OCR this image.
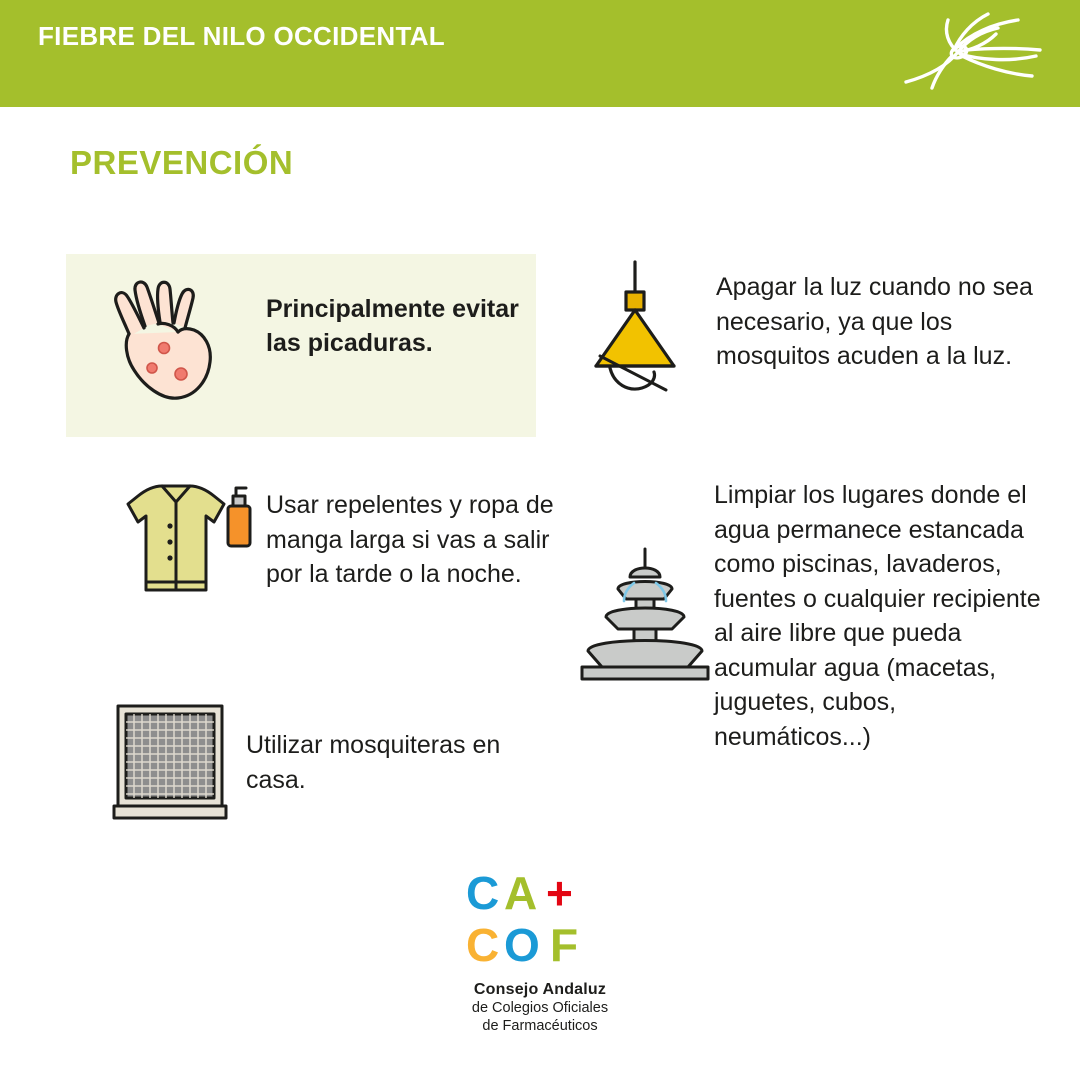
FIEBRE DEL NILO OCCIDENTAL
PREVENCIÓN
Principalmente evitar las picaduras.
Apagar la luz cuando no sea necesario, ya que los mosquitos acuden a la luz.
Usar repelentes y ropa de manga larga si vas a salir por la tarde o la noche.
Limpiar los lugares donde el agua permanece estancada como piscinas, lavaderos, fuentes o cualquier recipiente al aire libre que pueda acumular agua (macetas, juguetes, cubos, neumáticos...)
Utilizar mosquiteras en casa.
C A +
C O F
Consejo Andaluz
de Colegios Oficiales
de Farmacéuticos
